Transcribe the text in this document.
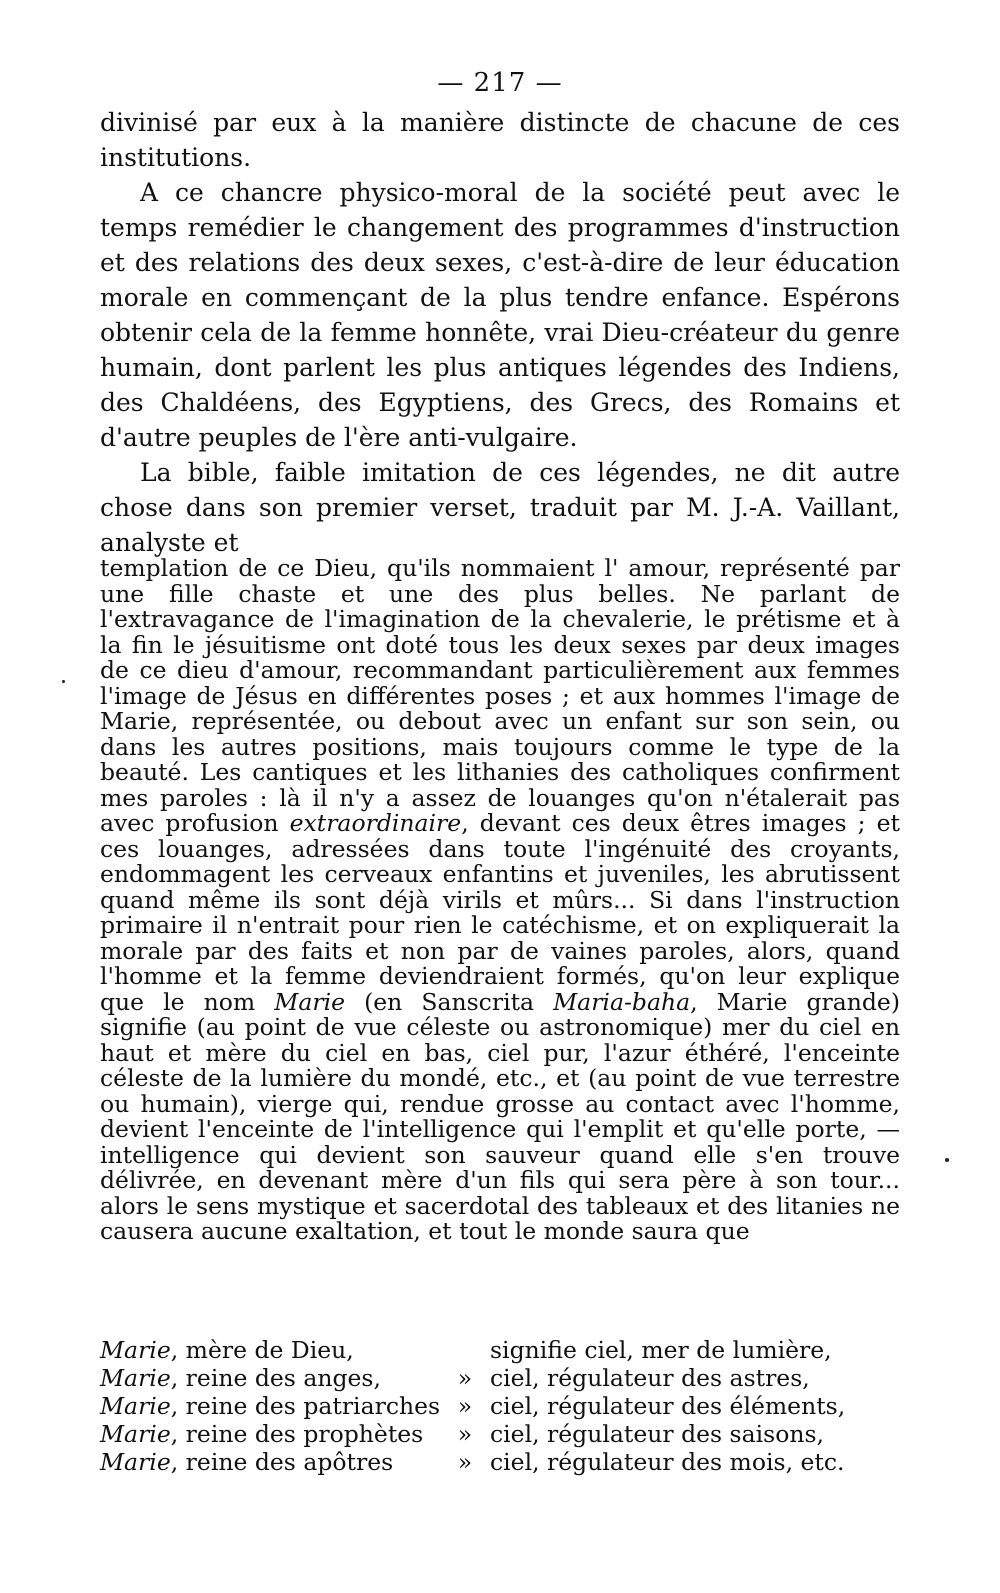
— 217 —

divinisé par eux à la manière distincte de chacune de ces institutions.

A ce chancre physico-moral de la société peut avec le temps remédier le changement des programmes d'instruction et des relations des deux sexes, c'est-à-dire de leur éducation morale en commençant de la plus tendre enfance. Espérons obtenir cela de la femme honnête, vrai Dieu-créateur du genre humain, dont parlent les plus antiques légendes des Indiens, des Chaldéens, des Egyptiens, des Grecs, des Romains et d'autre peuples de l'ère anti-vulgaire.

La bible, faible imitation de ces légendes, ne dit autre chose dans son premier verset, traduit par M. J.-A. Vaillant, analyste et

templation de ce Dieu, qu'ils nommaient l' amour, représenté par une fille chaste et une des plus belles. Ne parlant de l'extravagance de l'imagination de la chevalerie, le prétisme et à la fin le jésuitisme ont doté tous les deux sexes par deux images de ce dieu d'amour, recommandant particulièrement aux femmes l'image de Jésus en différentes poses ; et aux hommes l'image de Marie, représentée, ou debout avec un enfant sur son sein, ou dans les autres positions, mais toujours comme le type de la beauté. Les cantiques et les lithanies des catholiques confirment mes paroles : là il n'y a assez de louanges qu'on n'étalerait pas avec profusion extraordinaire, devant ces deux êtres images ; et ces louanges, adressées dans toute l'ingénuité des croyants, endommagent les cerveaux enfantins et juveniles, les abrutissent quand même ils sont déjà virils et mûrs... Si dans l'instruction primaire il n'entrait pour rien le catéchisme, et on expliquerait la morale par des faits et non par de vaines paroles, alors, quand l'homme et la femme deviendraient formés, qu'on leur explique que le nom Marie (en Sanscrita Maria-baha, Marie grande) signifie (au point de vue céleste ou astronomique) mer du ciel en haut et mère du ciel en bas, ciel pur, l'azur éthéré, l'enceinte céleste de la lumière du mondé, etc., et (au point de vue terrestre ou humain), vierge qui, rendue grosse au contact avec l'homme, devient l'enceinte de l'intelligence qui l'emplit et qu'elle porte, — intelligence qui devient son sauveur quand elle s'en trouve délivrée, en devenant mère d'un fils qui sera père à son tour... alors le sens mystique et sacerdotal des tableaux et des litanies ne causera aucune exaltation, et tout le monde saura que

Marie, mère de Dieu,	signifie ciel, mer de lumière,
Marie, reine des anges,	» ciel, régulateur des astres,
Marie, reine des patriarches » ciel, régulateur des éléments,
Marie, reine des prophètes	» ciel, régulateur des saisons,
Marie, reine des apôtres	» ciel, régulateur des mois, etc.
